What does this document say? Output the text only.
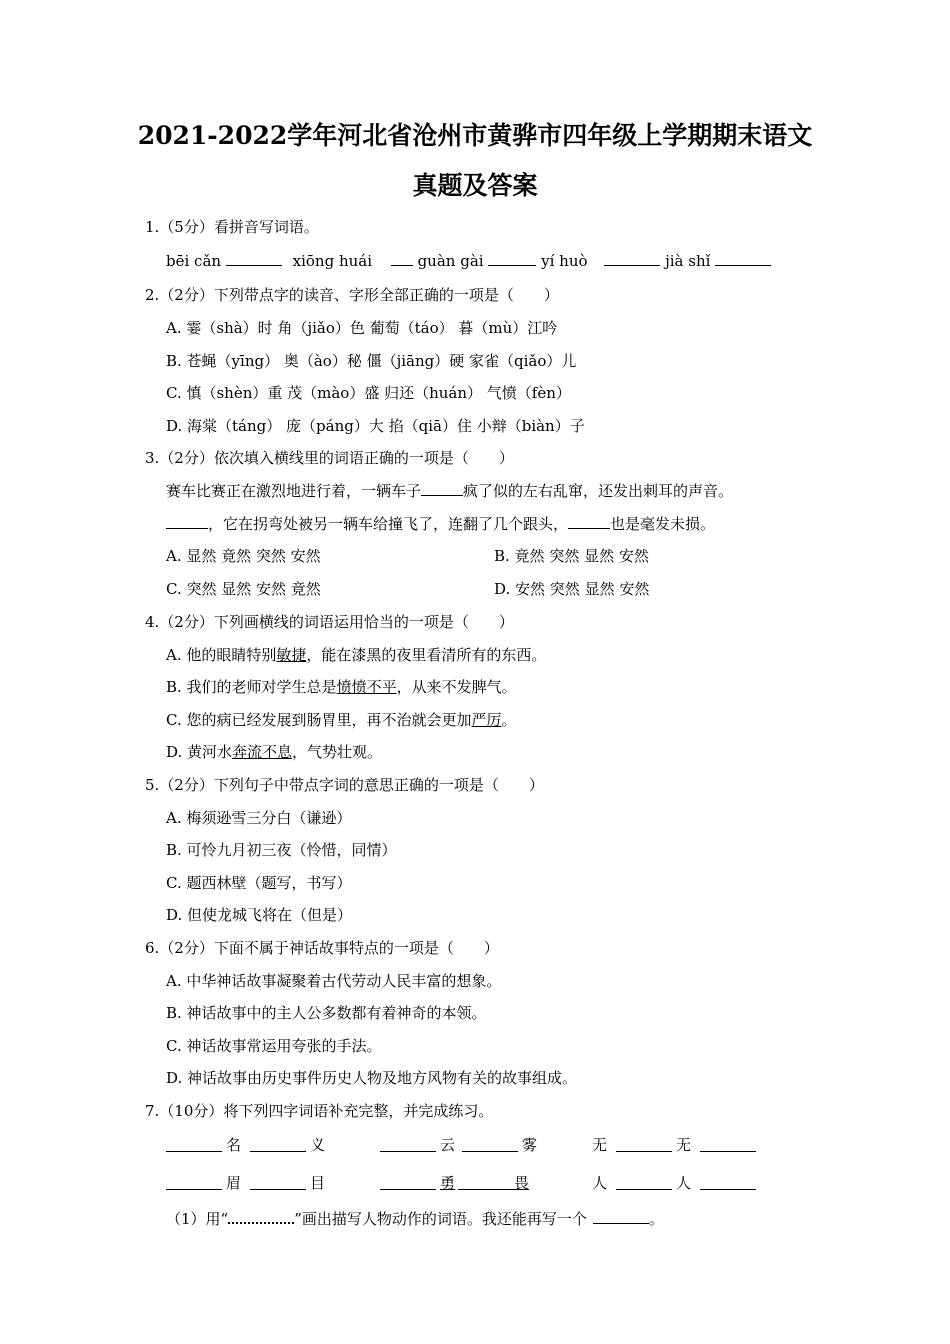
2021-2022学年河北省沧州市黄骅市四年级上学期期末语文
真题及答案
1.（5分）看拼音写词语。
bēi cǎn	xiōng huái	guàn gài	yí huò	jià shǐ
2.（2分）下列带点字的读音、字形全部正确的一项是（　　）
A. 霎（shà）时 角（jiǎo）色 葡萄（táo） 暮（mù）江吟
B. 苍蝇（yīng） 奥（ào）秘 僵（jiāng）硬 家雀（qiǎo）儿
C. 慎（shèn）重 茂（mào）盛 归还（huán） 气愤（fèn）
D. 海棠（táng） 庞（páng）大 掐（qiā）住 小辩（biàn）子
3.（2分）依次填入横线里的词语正确的一项是（　　）
赛车比赛正在激烈地进行着，一辆车子	疯了似的左右乱窜，还发出刺耳的声音。
，它在拐弯处被另一辆车给撞飞了，连翻了几个跟头，	也是毫发未损。
A. 显然 竟然 突然 安然	B. 竟然 突然 显然 安然
C. 突然 显然 安然 竟然	D. 安然 突然 显然 安然
4.（2分）下列画横线的词语运用恰当的一项是（　　）
A. 他的眼睛特别敏捷，能在漆黑的夜里看清所有的东西。
B. 我们的老师对学生总是愤愤不平，从来不发脾气。
C. 您的病已经发展到肠胃里，再不治就会更加严厉。
D. 黄河水奔流不息，气势壮观。
5.（2分）下列句子中带点字词的意思正确的一项是（　　）
A. 梅须逊雪三分白（谦逊）
B. 可怜九月初三夜（怜惜，同情）
C. 题西林壁（题写，书写）
D. 但使龙城飞将在（但是）
6.（2分）下面不属于神话故事特点的一项是（　　）
A. 中华神话故事凝聚着古代劳动人民丰富的想象。
B. 神话故事中的主人公多数都有着神奇的本领。
C. 神话故事常运用夸张的手法。
D. 神话故事由历史事件历史人物及地方风物有关的故事组成。
7.（10分）将下列四字词语补充完整，并完成练习。
名	义	云	雾	无	无
眉	目	勇	畏	人	人
（1）用“	”画出描写人物动作的词语。我还能再写一个	。
